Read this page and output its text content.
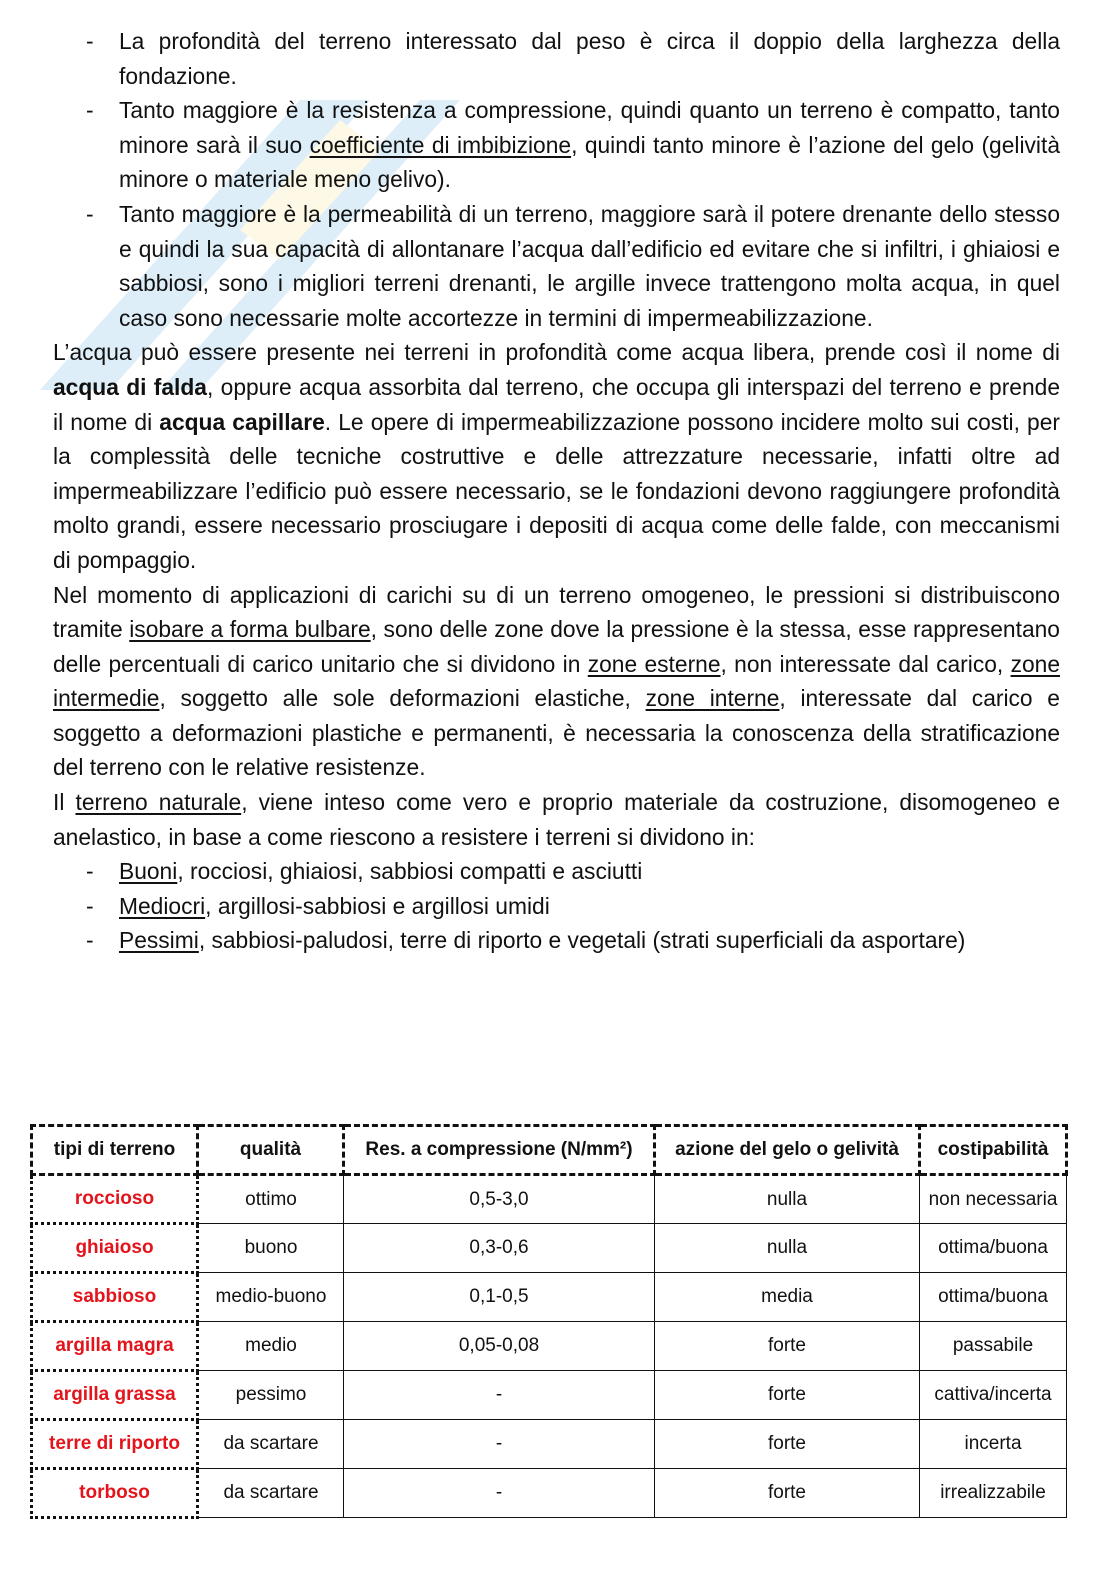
- La profondità del terreno interessato dal peso è circa il doppio della larghezza della fondazione.
- Tanto maggiore è la resistenza a compressione, quindi quanto un terreno è compatto, tanto minore sarà il suo coefficiente di imbibizione, quindi tanto minore è l’azione del gelo (gelività minore o materiale meno gelivo).
- Tanto maggiore è la permeabilità di un terreno, maggiore sarà il potere drenante dello stesso e quindi la sua capacità di allontanare l’acqua dall’edificio ed evitare che si infiltri, i ghiaiosi e sabbiosi, sono i migliori terreni drenanti, le argille invece trattengono molta acqua, in quel caso sono necessarie molte accortezze in termini di impermeabilizzazione.

L’acqua può essere presente nei terreni in profondità come acqua libera, prende così il nome di acqua di falda, oppure acqua assorbita dal terreno, che occupa gli interspazi del terreno e prende il nome di acqua capillare. Le opere di impermeabilizzazione possono incidere molto sui costi, per la complessità delle tecniche costruttive e delle attrezzature necessarie, infatti oltre ad impermeabilizzare l’edificio può essere necessario, se le fondazioni devono raggiungere profondità molto grandi, essere necessario prosciugare i depositi di acqua come delle falde, con meccanismi di pompaggio.

Nel momento di applicazioni di carichi su di un terreno omogeneo, le pressioni si distribuiscono tramite isobare a forma bulbare, sono delle zone dove la pressione è la stessa, esse rappresentano delle percentuali di carico unitario che si dividono in zone esterne, non interessate dal carico, zone intermedie, soggetto alle sole deformazioni elastiche, zone interne, interessate dal carico e soggetto a deformazioni plastiche e permanenti, è necessaria la conoscenza della stratificazione del terreno con le relative resistenze.

Il terreno naturale, viene inteso come vero e proprio materiale da costruzione, disomogeneo e anelastico, in base a come riescono a resistere i terreni si dividono in:

- Buoni, rocciosi, ghiaiosi, sabbiosi compatti e asciutti
- Mediocri, argillosi-sabbiosi e argillosi umidi
- Pessimi, sabbiosi-paludosi, terre di riporto e vegetali (strati superficiali da asportare)
tipi di terreno	qualità	Res. a compressione (N/mm²)	azione del gelo o gelività	costipabilità
roccioso	ottimo	0,5-3,0	nulla	non necessaria
ghiaioso	buono	0,3-0,6	nulla	ottima/buona
sabbioso	medio-buono	0,1-0,5	media	ottima/buona
argilla magra	medio	0,05-0,08	forte	passabile
argilla grassa	pessimo	-	forte	cattiva/incerta
terre di riporto	da scartare	-	forte	incerta
torboso	da scartare	-	forte	irrealizzabile
